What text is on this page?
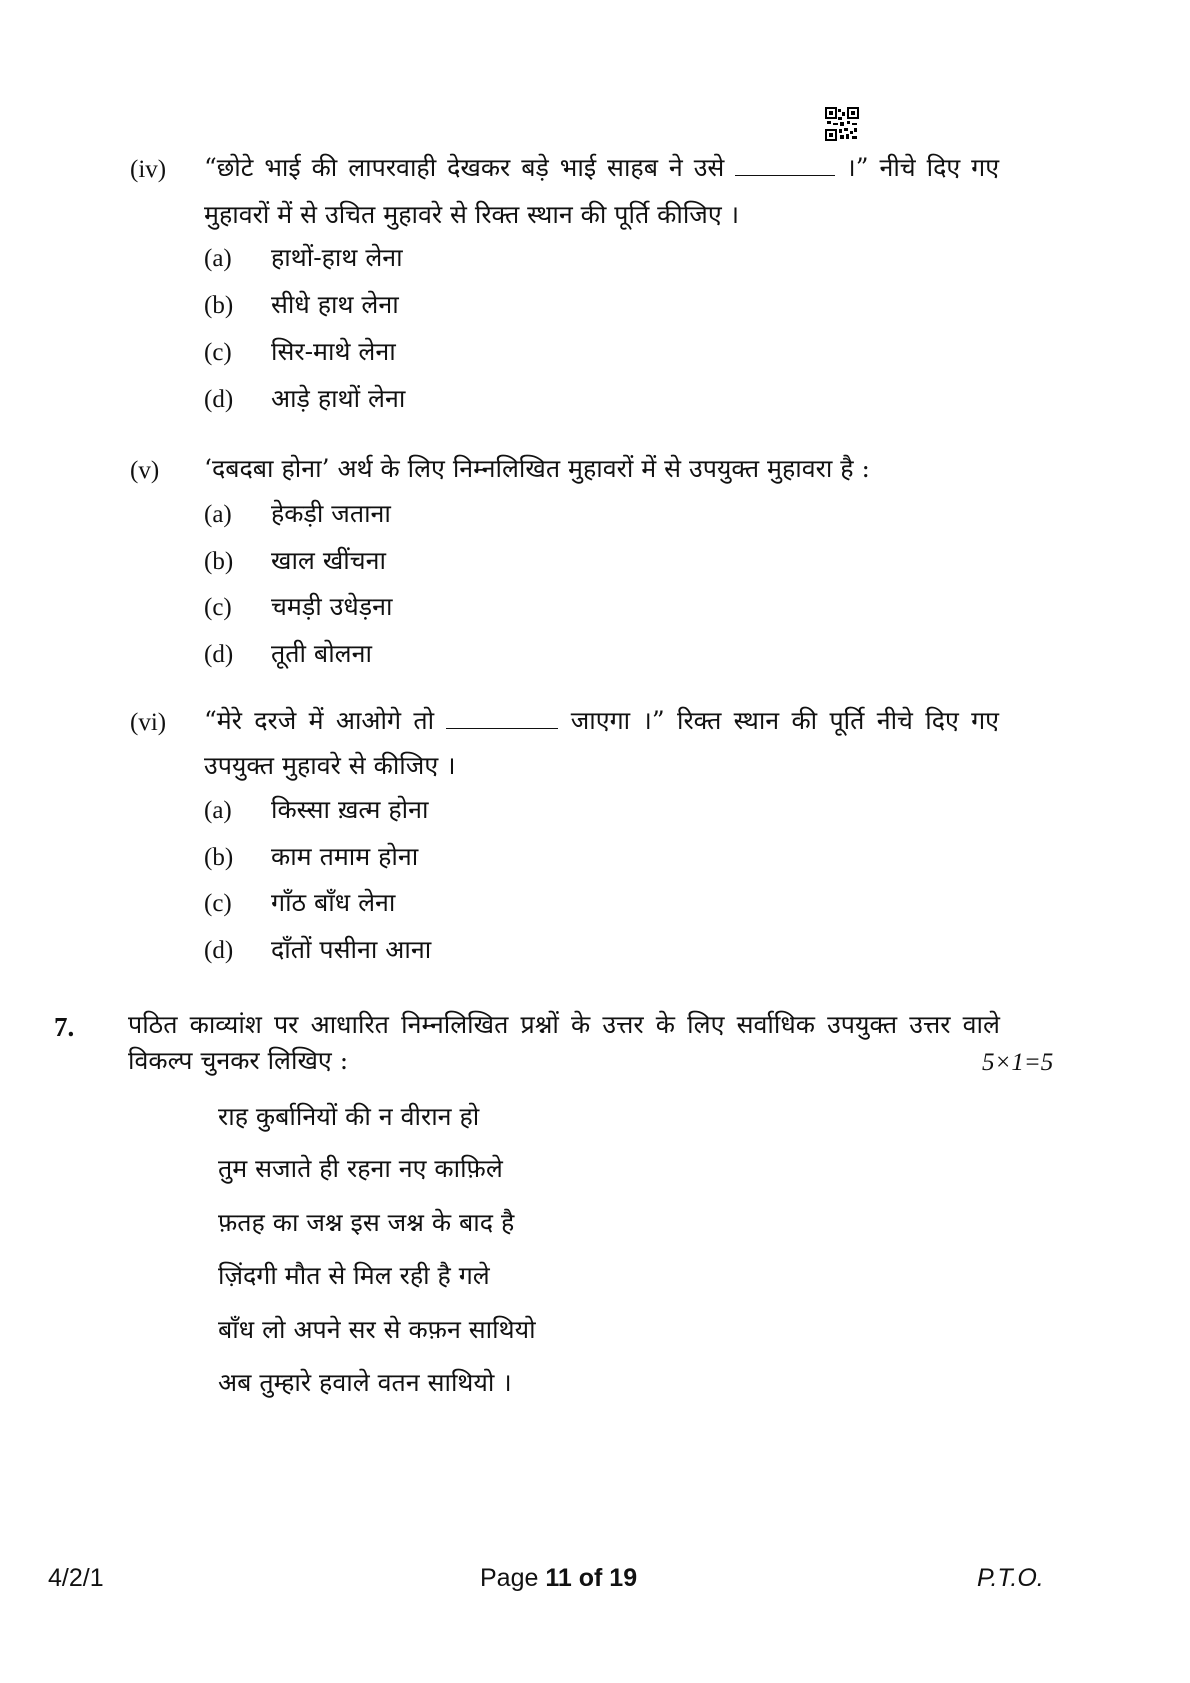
(iv) “छोटे भाई की लापरवाही देखकर बड़े भाई साहब ने उसे	।” नीचे दिए गए
मुहावरों में से उचित मुहावरे से रिक्त स्थान की पूर्ति कीजिए ।
(a) हाथों-हाथ लेना
(b) सीधे हाथ लेना
(c) सिर-माथे लेना
(d) आड़े हाथों लेना
(v) ‘दबदबा होना’ अर्थ के लिए निम्नलिखित मुहावरों में से उपयुक्त मुहावरा है :
(a) हेकड़ी जताना
(b) खाल खींचना
(c) चमड़ी उधेड़ना
(d) तूती बोलना
(vi) “मेरे दरजे में आओगे तो	जाएगा ।” रिक्त स्थान की पूर्ति नीचे दिए गए
उपयुक्त मुहावरे से कीजिए ।
(a) किस्सा ख़त्म होना
(b) काम तमाम होना
(c) गाँठ बाँध लेना
(d) दाँतों पसीना आना
7. पठित काव्यांश पर आधारित निम्नलिखित प्रश्नों के उत्तर के लिए सर्वाधिक उपयुक्त उत्तर वाले
विकल्प चुनकर लिखिए :	5×1=5
राह कुर्बानियों की न वीरान हो
तुम सजाते ही रहना नए काफ़िले
फ़तह का जश्न इस जश्न के बाद है
ज़िंदगी मौत से मिल रही है गले
बाँध लो अपने सर से कफ़न साथियो
अब तुम्हारे हवाले वतन साथियो ।
4/2/1	Page 11 of 19	P.T.O.
